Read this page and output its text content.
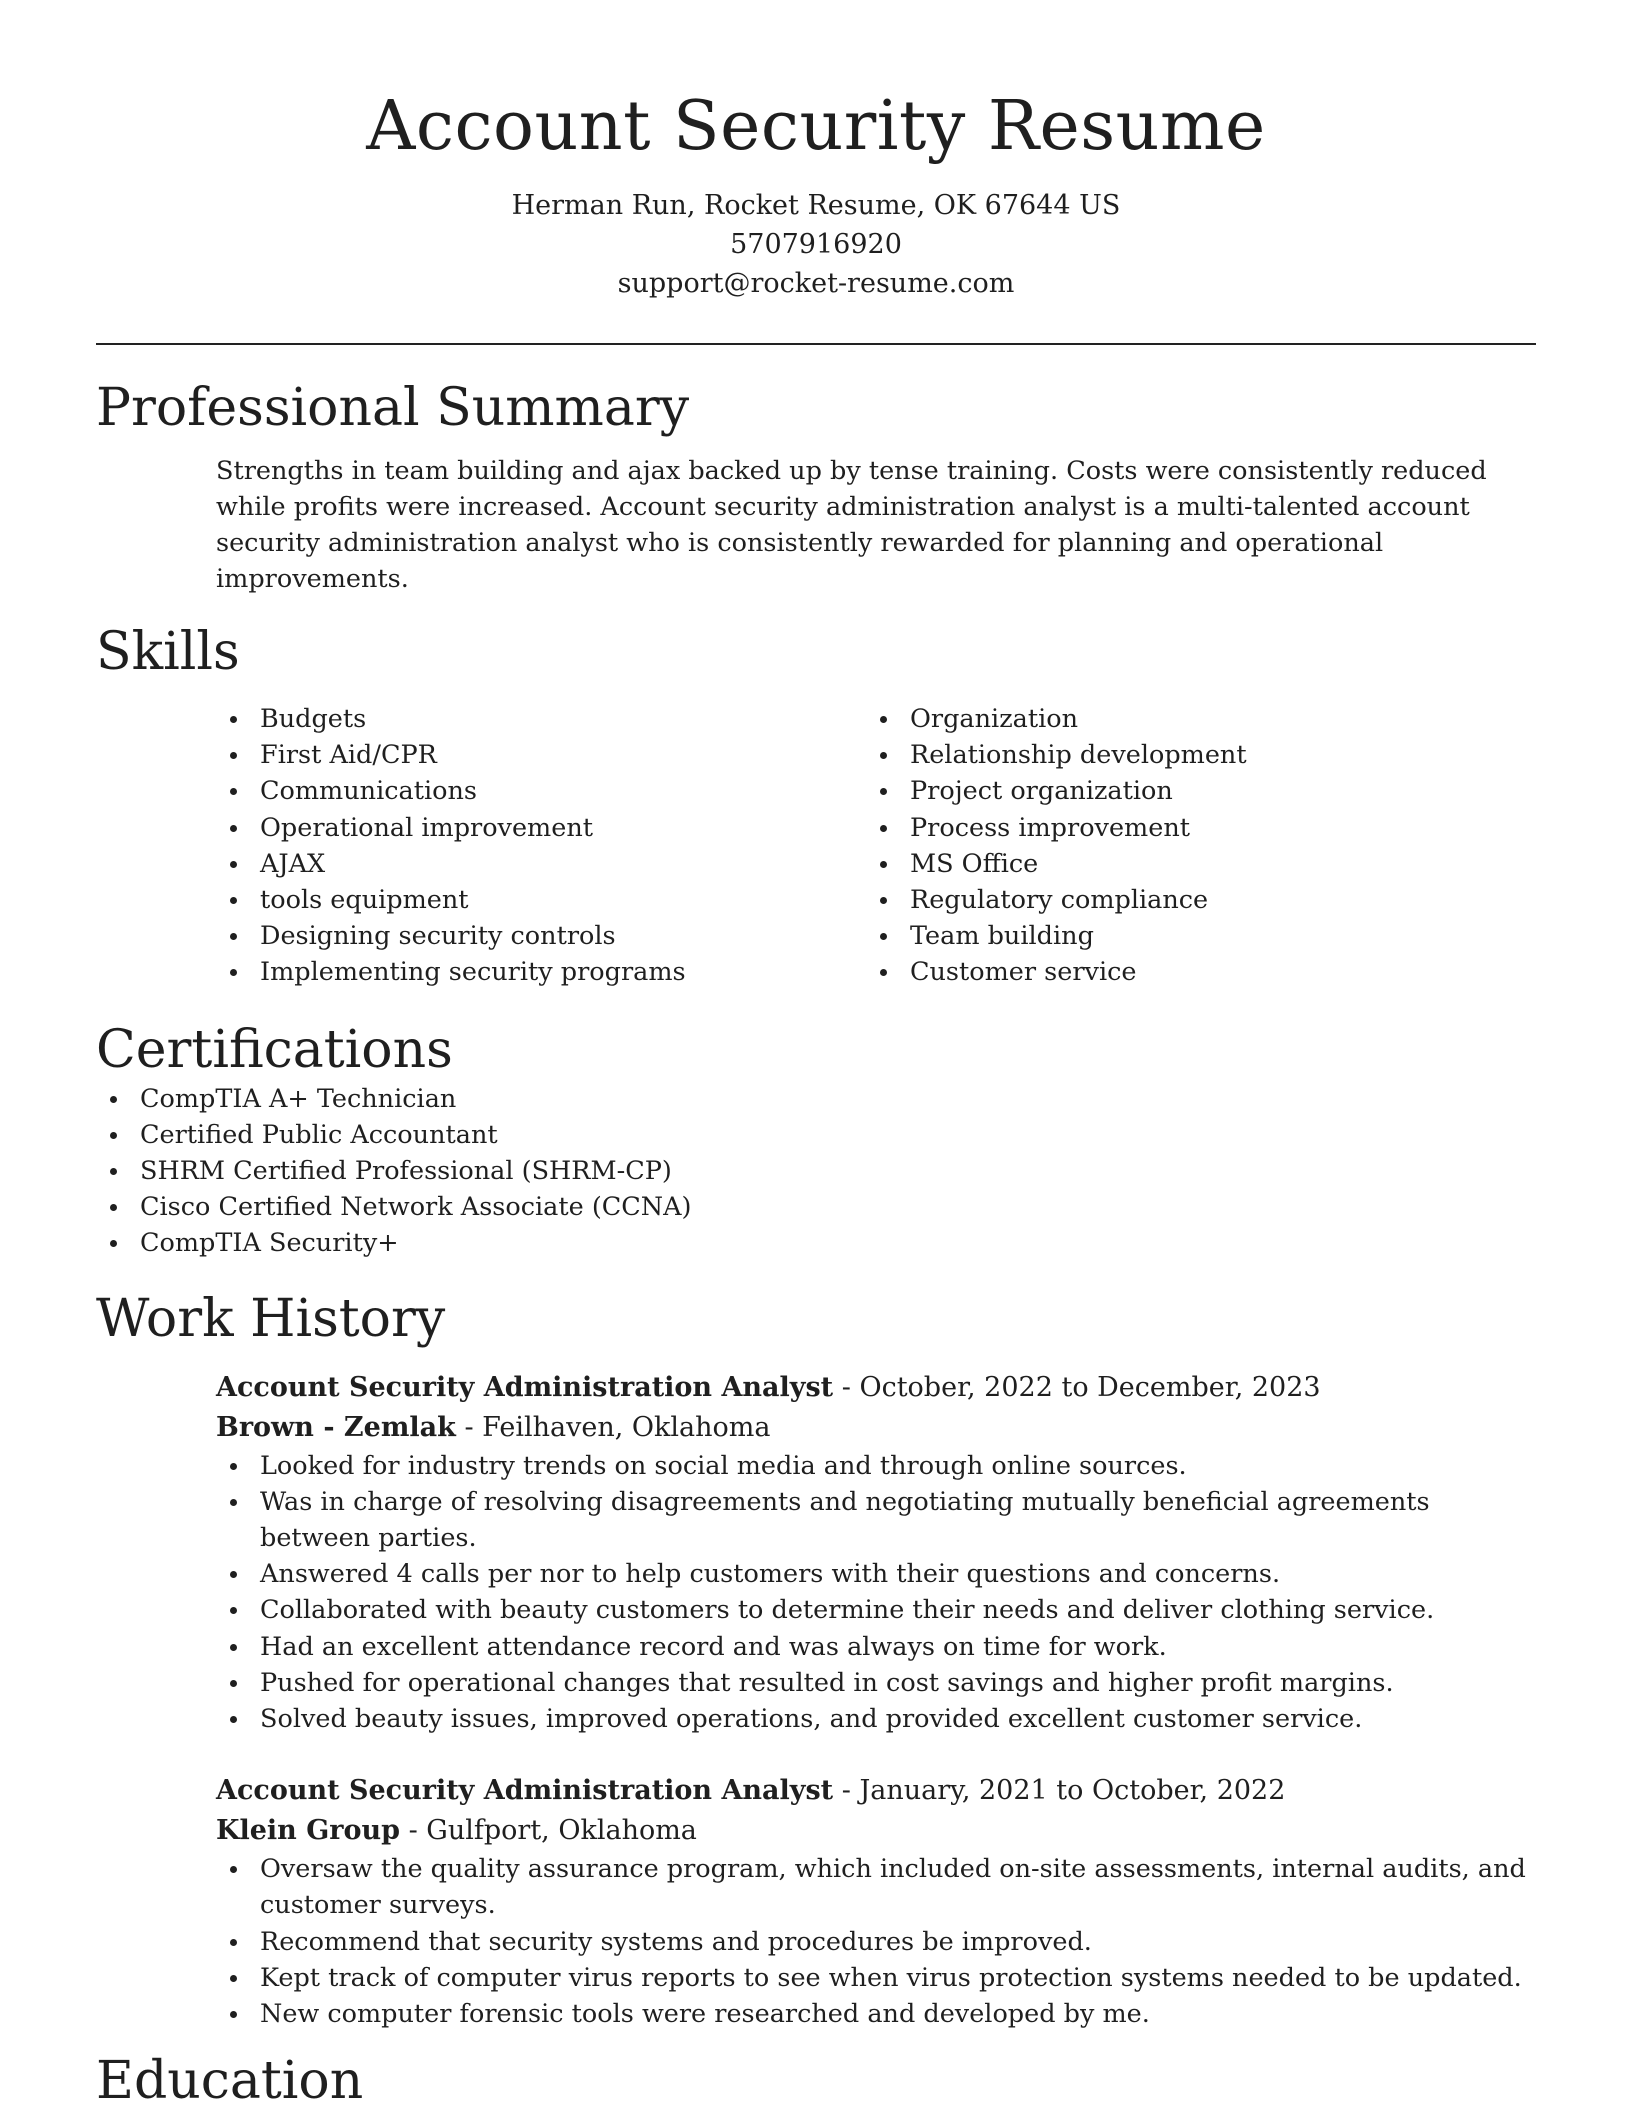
Account Security Resume
Herman Run, Rocket Resume, OK 67644 US
5707916920
support@rocket-resume.com
Professional Summary

Strengths in team building and ajax backed up by tense training. Costs were consistently reduced while profits were increased. Account security administration analyst is a multi-talented account security administration analyst who is consistently rewarded for planning and operational improvements.

Skills
Budgets
First Aid/CPR
Communications
Operational improvement
AJAX
tools equipment
Designing security controls
Implementing security programs
Organization
Relationship development
Project organization
Process improvement
MS Office
Regulatory compliance
Team building
Customer service
Certifications
CompTIA A+ Technician
Certified Public Accountant
SHRM Certified Professional (SHRM-CP)
Cisco Certified Network Associate (CCNA)
CompTIA Security+
Work History
Account Security Administration Analyst - October, 2022 to December, 2023
Brown - Zemlak - Feilhaven, Oklahoma
Looked for industry trends on social media and through online sources.
Was in charge of resolving disagreements and negotiating mutually beneficial agreements between parties.
Answered 4 calls per nor to help customers with their questions and concerns.
Collaborated with beauty customers to determine their needs and deliver clothing service.
Had an excellent attendance record and was always on time for work.
Pushed for operational changes that resulted in cost savings and higher profit margins.
Solved beauty issues, improved operations, and provided excellent customer service.
Account Security Administration Analyst - January, 2021 to October, 2022
Klein Group - Gulfport, Oklahoma
Oversaw the quality assurance program, which included on-site assessments, internal audits, and customer surveys.
Recommend that security systems and procedures be improved.
Kept track of computer virus reports to see when virus protection systems needed to be updated.
New computer forensic tools were researched and developed by me.
Education
